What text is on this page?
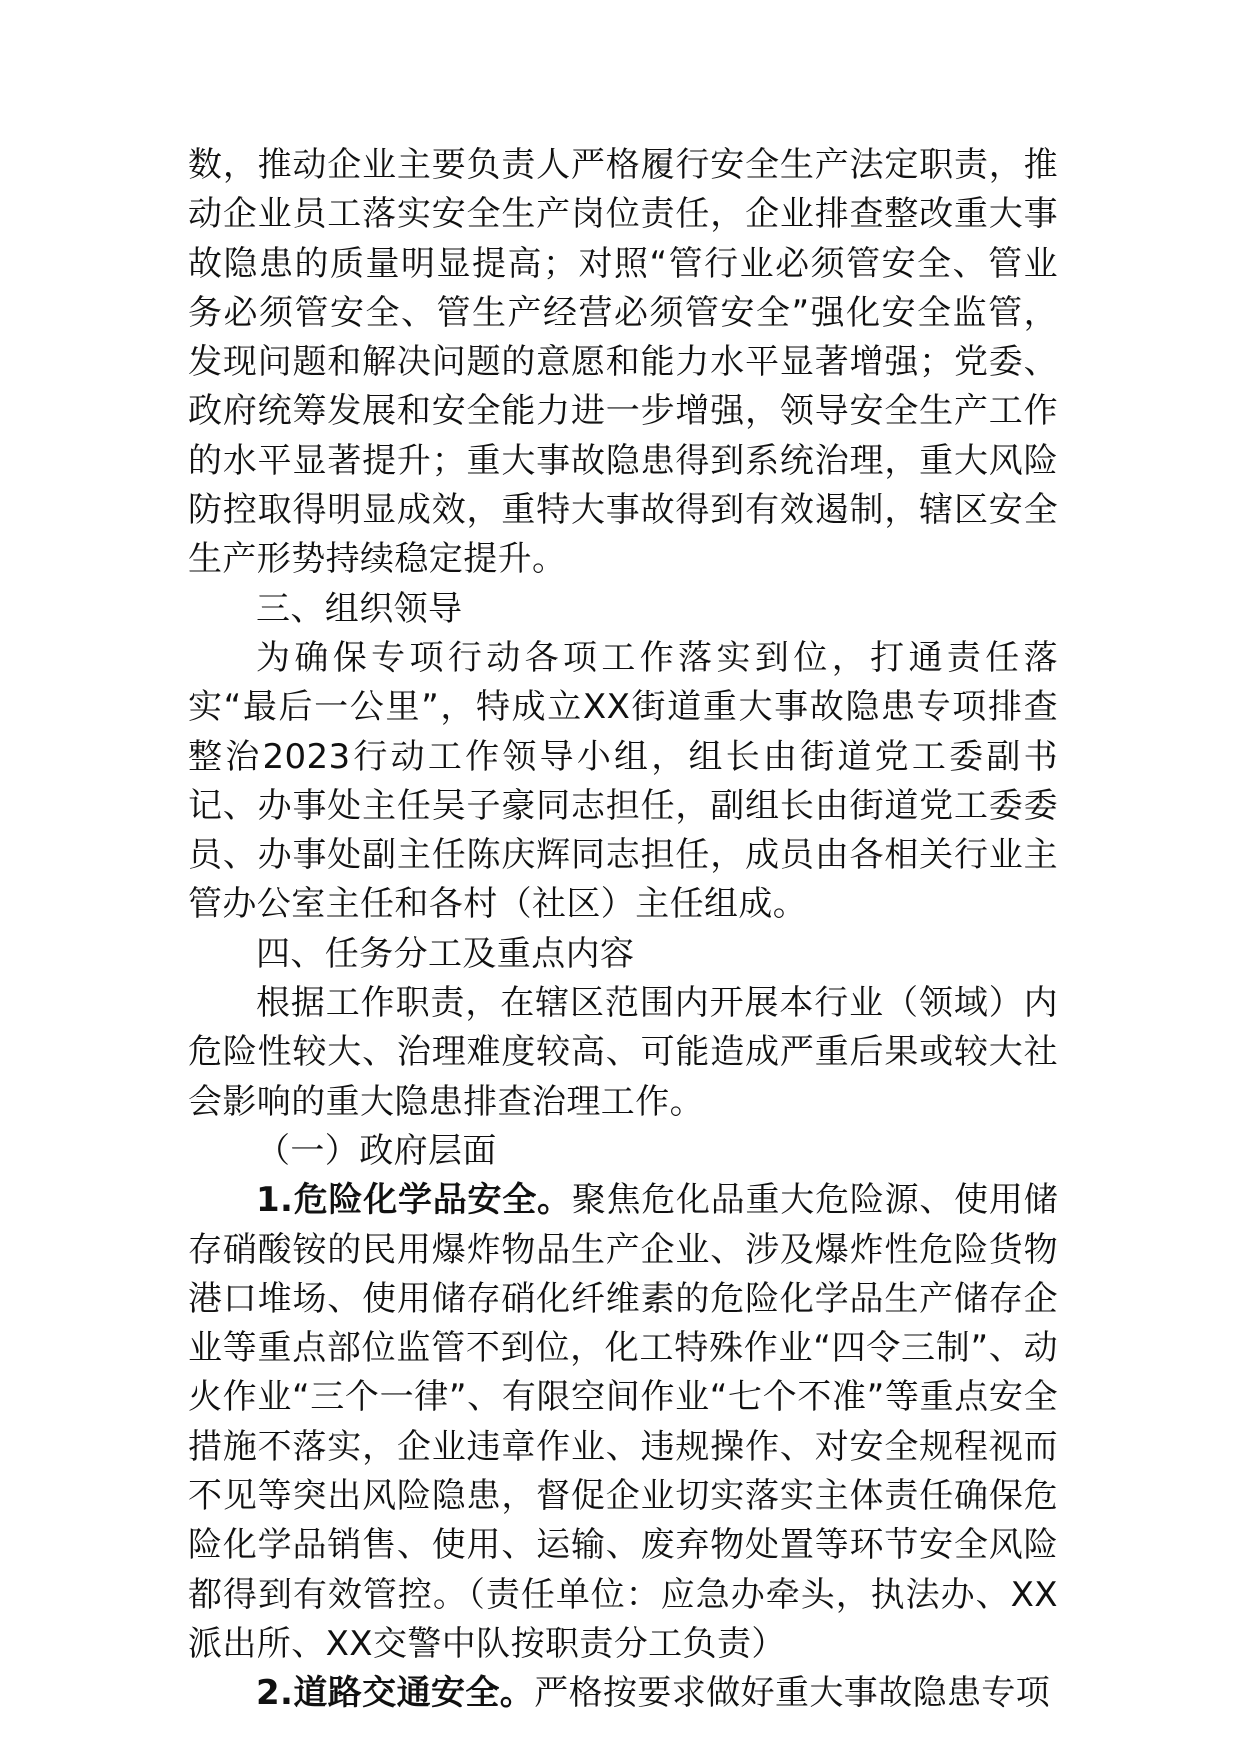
数，推动企业主要负责人严格履行安全生产法定职责，推动企业员工落实安全生产岗位责任，企业排查整改重大事故隐患的质量明显提高；对照“管行业必须管安全、管业务必须管安全、管生产经营必须管安全”强化安全监管，发现问题和解决问题的意愿和能力水平显著增强；党委、政府统筹发展和安全能力进一步增强，领导安全生产工作的水平显著提升；重大事故隐患得到系统治理，重大风险防控取得明显成效，重特大事故得到有效遏制，辖区安全生产形势持续稳定提升。

三、组织领导

为确保专项行动各项工作落实到位，打通责任落实“最后一公里”，特成立XX街道重大事故隐患专项排查整治2023行动工作领导小组，组长由街道党工委副书记、办事处主任吴子豪同志担任，副组长由街道党工委委员、办事处副主任陈庆辉同志担任，成员由各相关行业主管办公室主任和各村（社区）主任组成。

四、任务分工及重点内容

根据工作职责，在辖区范围内开展本行业（领域）内危险性较大、治理难度较高、可能造成严重后果或较大社会影响的重大隐患排查治理工作。

（一）政府层面

1.危险化学品安全。聚焦危化品重大危险源、使用储存硝酸铵的民用爆炸物品生产企业、涉及爆炸性危险货物港口堆场、使用储存硝化纤维素的危险化学品生产储存企业等重点部位监管不到位，化工特殊作业“四令三制”、动火作业“三个一律”、有限空间作业“七个不准”等重点安全措施不落实，企业违章作业、违规操作、对安全规程视而不见等突出风险隐患，督促企业切实落实主体责任确保危险化学品销售、使用、运输、废弃物处置等环节安全风险都得到有效管控。（责任单位：应急办牵头，执法办、XX派出所、XX交警中队按职责分工负责）

2.道路交通安全。严格按要求做好重大事故隐患专项
